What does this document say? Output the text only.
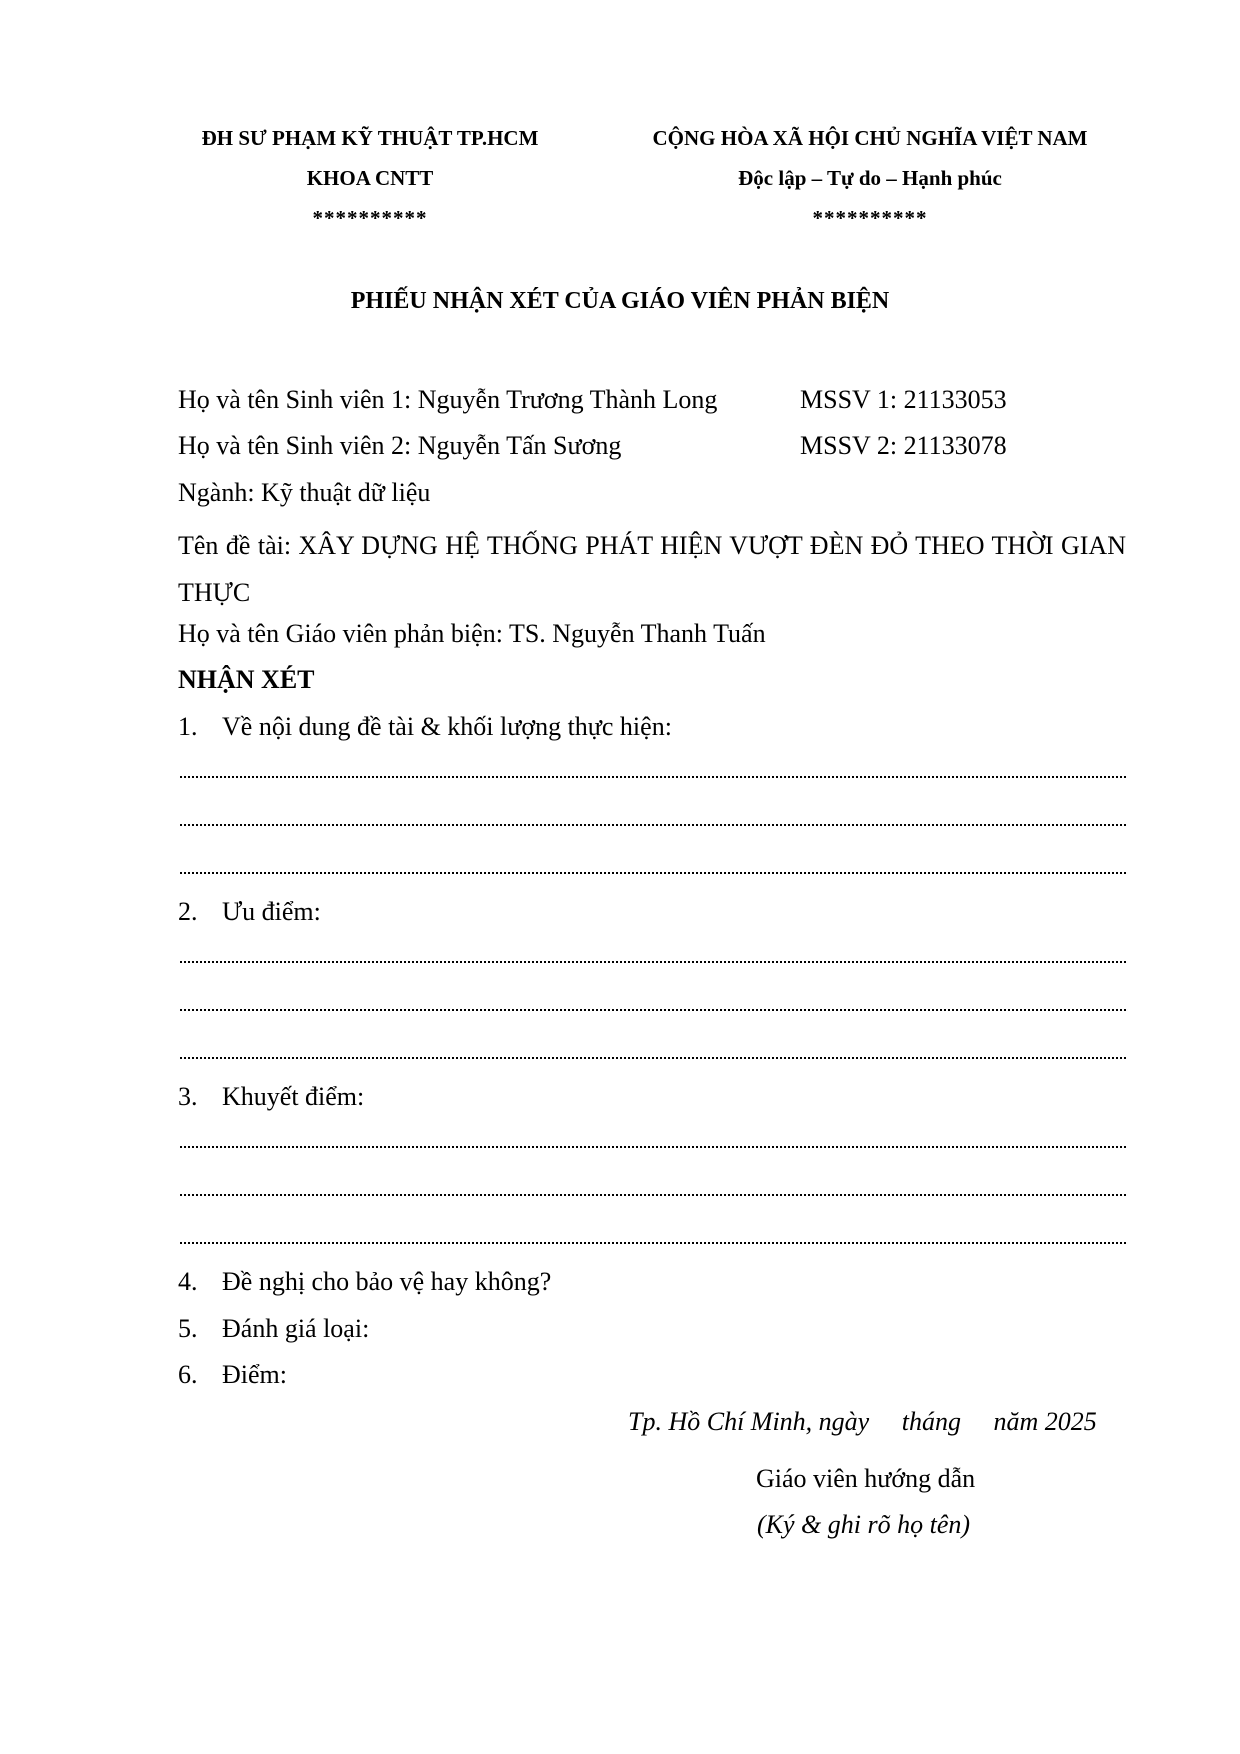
ĐH SƯ PHẠM KỸ THUẬT TP.HCM
KHOA CNTT
**********
CỘNG HÒA XÃ HỘI CHỦ NGHĨA VIỆT NAM
Độc lập – Tự do – Hạnh phúc
**********
PHIẾU NHẬN XÉT CỦA GIÁO VIÊN PHẢN BIỆN
Họ và tên Sinh viên 1: Nguyễn Trương Thành Long	MSSV 1: 21133053
Họ và tên Sinh viên 2: Nguyễn Tấn Sương	MSSV 2: 21133078
Ngành: Kỹ thuật dữ liệu
Tên đề tài: XÂY DỰNG HỆ THỐNG PHÁT HIỆN VƯỢT ĐÈN ĐỎ THEO THỜI GIAN THỰC
Họ và tên Giáo viên phản biện: TS. Nguyễn Thanh Tuấn
NHẬN XÉT
1. Về nội dung đề tài & khối lượng thực hiện:
2. Ưu điểm:
3. Khuyết điểm:
4. Đề nghị cho bảo vệ hay không?
5. Đánh giá loại:
6. Điểm:
Tp. Hồ Chí Minh, ngày     tháng     năm 2025
Giáo viên hướng dẫn
(Ký & ghi rõ họ tên)
